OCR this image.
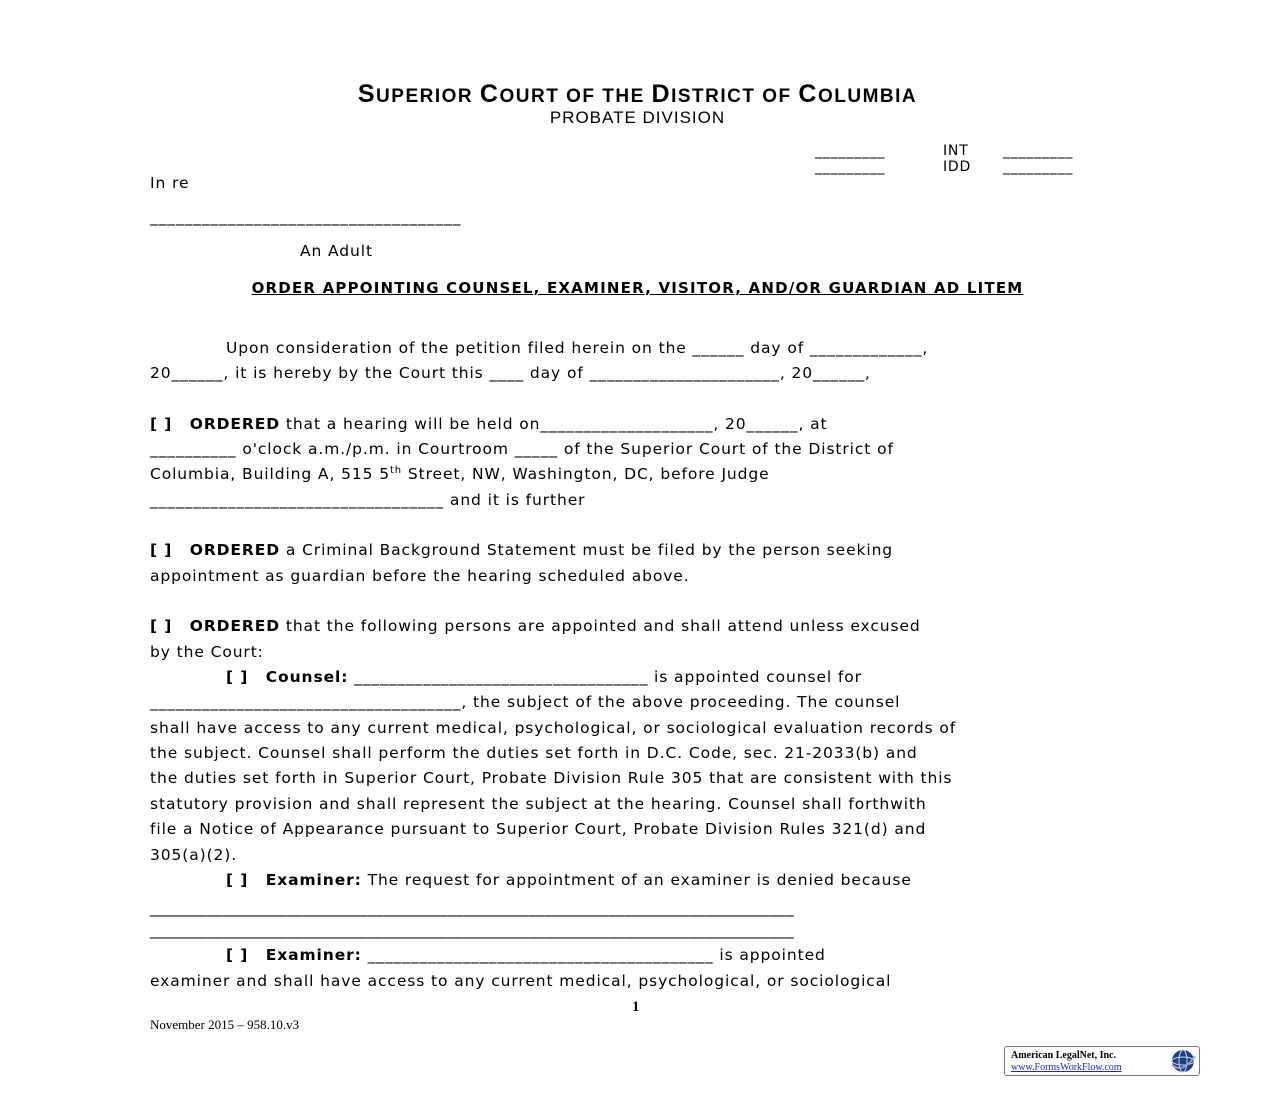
SUPERIOR COURT OF THE DISTRICT OF COLUMBIA
PROBATE DIVISION
_________	INT _________
_________	IDD _________
In re
____________________________________
An Adult
ORDER APPOINTING COUNSEL, EXAMINER, VISITOR, AND/OR GUARDIAN AD LITEM
Upon consideration of the petition filed herein on the ______ day of _____________,
20______, it is hereby by the Court this ____ day of ______________________, 20______,
[ ] ORDERED that a hearing will be held on____________________, 20______, at
__________ o'clock a.m./p.m. in Courtroom _____ of the Superior Court of the District of
Columbia, Building A, 515 5th Street, NW, Washington, DC, before Judge
__________________________________ and it is further
[ ] ORDERED a Criminal Background Statement must be filed by the person seeking
appointment as guardian before the hearing scheduled above.
[ ] ORDERED that the following persons are appointed and shall attend unless excused
by the Court:
[ ] Counsel: __________________________________ is appointed counsel for
____________________________________, the subject of the above proceeding. The counsel
shall have access to any current medical, psychological, or sociological evaluation records of
the subject. Counsel shall perform the duties set forth in D.C. Code, sec. 21-2033(b) and
the duties set forth in Superior Court, Probate Division Rule 305 that are consistent with this
statutory provision and shall represent the subject at the hearing. Counsel shall forthwith
file a Notice of Appearance pursuant to Superior Court, Probate Division Rules 321(d) and
305(a)(2).
[ ] Examiner: The request for appointment of an examiner is denied because
________________________________________________________________________________
________________________________________________________________________________
[ ] Examiner: ________________________________________ is appointed
examiner and shall have access to any current medical, psychological, or sociological
1
November 2015 – 958.10.v3
American LegalNet, Inc.
www.FormsWorkFlow.com
